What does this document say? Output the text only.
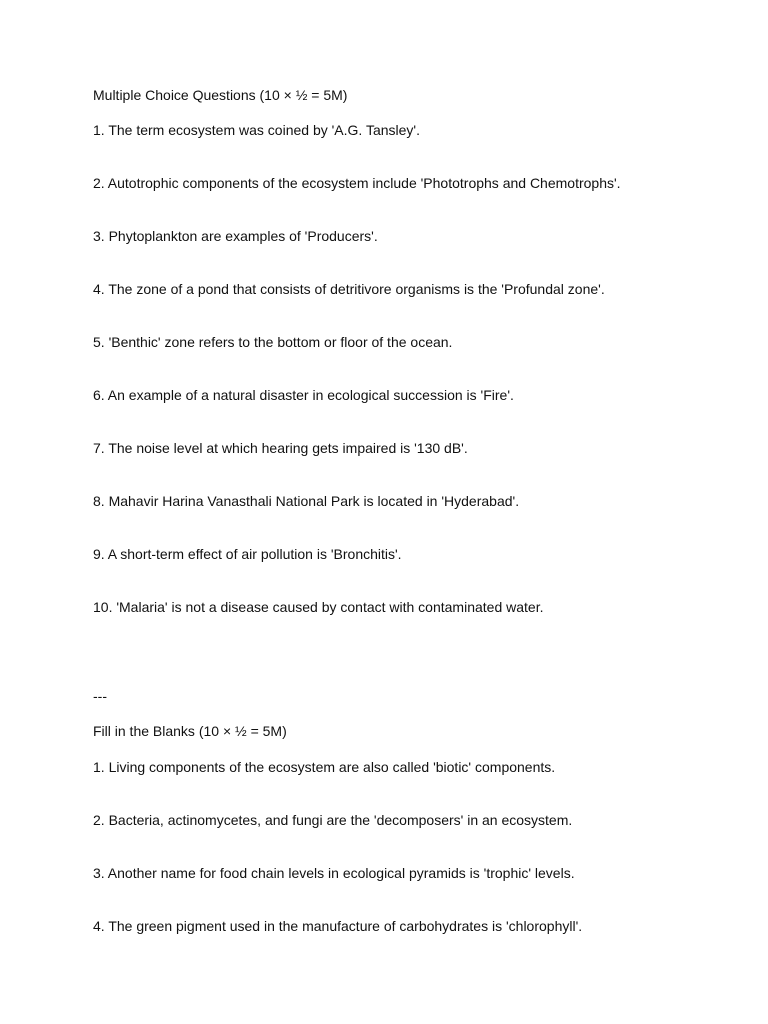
Multiple Choice Questions (10 × ½ = 5M)
1. The term ecosystem was coined by 'A.G. Tansley'.
2. Autotrophic components of the ecosystem include 'Phototrophs and Chemotrophs'.
3. Phytoplankton are examples of 'Producers'.
4. The zone of a pond that consists of detritivore organisms is the 'Profundal zone'.
5. 'Benthic' zone refers to the bottom or floor of the ocean.
6. An example of a natural disaster in ecological succession is 'Fire'.
7. The noise level at which hearing gets impaired is '130 dB'.
8. Mahavir Harina Vanasthali National Park is located in 'Hyderabad'.
9. A short-term effect of air pollution is 'Bronchitis'.
10. 'Malaria' is not a disease caused by contact with contaminated water.
---
Fill in the Blanks (10 × ½ = 5M)
1. Living components of the ecosystem are also called 'biotic' components.
2. Bacteria, actinomycetes, and fungi are the 'decomposers' in an ecosystem.
3. Another name for food chain levels in ecological pyramids is 'trophic' levels.
4. The green pigment used in the manufacture of carbohydrates is 'chlorophyll'.
